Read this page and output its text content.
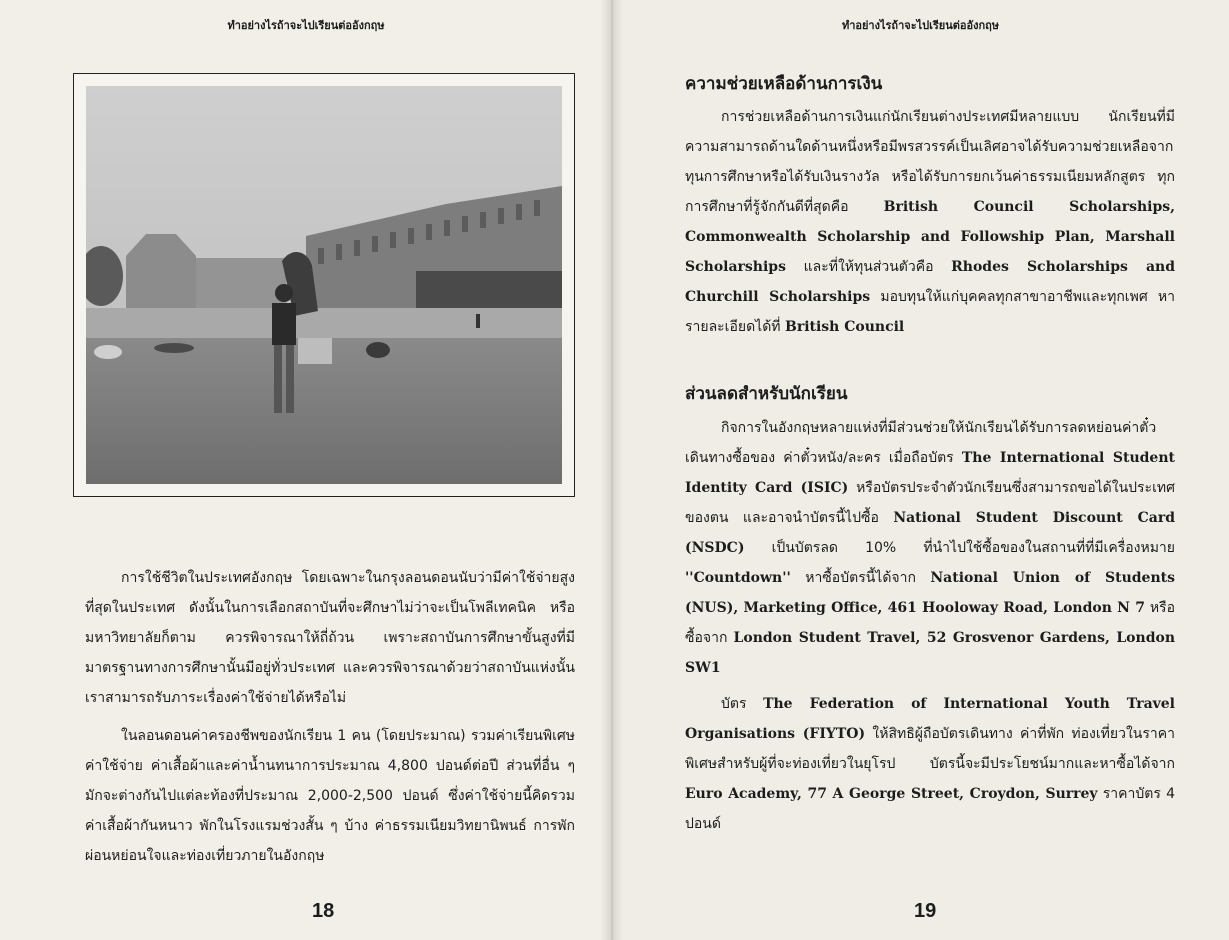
ทำอย่างไรถ้าจะไปเรียนต่ออังกฤษ

การใช้ชีวิตในประเทศอังกฤษ โดยเฉพาะในกรุงลอนดอนนับว่ามีค่าใช้จ่ายสูงที่สุดในประเทศ ดังนั้นในการเลือกสถาบันที่จะศึกษาไม่ว่าจะเป็นโพลีเทคนิค หรือมหาวิทยาลัยก็ตาม ควรพิจารณาให้ถี่ถ้วน เพราะสถาบันการศึกษาขั้นสูงที่มีมาตรฐานทางการศึกษานั้นมีอยู่ทั่วประเทศ และควรพิจารณาด้วยว่าสถาบันแห่งนั้นเราสามารถรับภาระเรื่องค่าใช้จ่ายได้หรือไม่

ในลอนดอนค่าครองชีพของนักเรียน 1 คน (โดยประมาณ) รวมค่าเรียนพิเศษ ค่าใช้จ่าย ค่าเสื้อผ้าและค่าน้ำนทนาการประมาณ 4,800 ปอนด์ต่อปี ส่วนที่อื่น ๆ มักจะต่างกันไปแต่ละท้องที่ประมาณ 2,000-2,500 ปอนด์ ซึ่งค่าใช้จ่ายนี้คิดรวมค่าเสื้อผ้ากันหนาว พักในโรงแรมช่วงสั้น ๆ บ้าง ค่าธรรมเนียมวิทยานิพนธ์ การพักผ่อนหย่อนใจและท่องเที่ยวภายในอังกฤษ

18
ทำอย่างไรถ้าจะไปเรียนต่ออังกฤษ
ความช่วยเหลือด้านการเงิน

การช่วยเหลือด้านการเงินแก่นักเรียนต่างประเทศมีหลายแบบ นักเรียนที่มีความสามารถด้านใดด้านหนึ่งหรือมีพรสวรรค์เป็นเลิศอาจได้รับความช่วยเหลือจากทุนการศึกษาหรือได้รับเงินรางวัล หรือได้รับการยกเว้นค่าธรรมเนียมหลักสูตร ทุกการศึกษาที่รู้จักกันดีที่สุดคือ British Council Scholarships, Commonwealth Scholarship and Followship Plan, Marshall Scholarships และที่ให้ทุนส่วนตัวคือ Rhodes Scholarships and Churchill Scholarships มอบทุนให้แก่บุคคลทุกสาขาอาชีพและทุกเพศ หารายละเอียดได้ที่ British Council

ส่วนลดสำหรับนักเรียน

กิจการในอังกฤษหลายแห่งที่มีส่วนช่วยให้นักเรียนได้รับการลดหย่อนค่าตั๋วเดินทางซื้อของ ค่าตั๋วหนัง/ละคร เมื่อถือบัตร The International Student Identity Card (ISIC) หรือบัตรประจำตัวนักเรียนซึ่งสามารถขอได้ในประเทศของตน และอาจนำบัตรนี้ไปซื้อ National Student Discount Card (NSDC) เป็นบัตรลด 10% ที่นำไปใช้ซื้อของในสถานที่ที่มีเครื่องหมาย ''Countdown'' หาซื้อบัตรนี้ได้จาก National Union of Students (NUS), Marketing Office, 461 Hooloway Road, London N 7 หรือซื้อจาก London Student Travel, 52 Grosvenor Gardens, London SW1

บัตร The Federation of International Youth Travel Organisations (FIYTO) ให้สิทธิผู้ถือบัตรเดินทาง ค่าที่พัก ท่องเที่ยวในราคาพิเศษสำหรับผู้ที่จะท่องเที่ยวในยุโรป บัตรนี้จะมีประโยชน์มากและหาซื้อได้จาก Euro Academy, 77 A George Street, Croydon, Surrey ราคาบัตร 4 ปอนด์

19
